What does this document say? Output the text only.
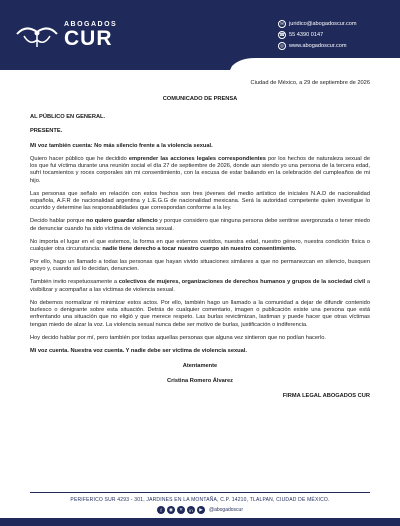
ABOGADOS
CUR
✉ juridico@abogadoscur.com
☎ 55 4390 0147
◎ www.abogadoscur.com
Ciudad de México, a 29 de septiembre de 2026
COMUNICADO DE PRENSA
AL PÚBLICO EN GENERAL.
PRESENTE.
Mi voz también cuenta: No más silencio frente a la violencia sexual.
Quiero hacer público que he decidido emprender las acciones legales correspondientes por los hechos de naturaleza sexual de los que fui víctima durante una reunión social el día 27 de septiembre de 2026, donde aun siendo yo una persona de la tercera edad, sufrí tocamientos y roces corporales sin mi consentimiento, con la excusa de estar bailando en la celebración del cumpleaños de mi hijo.
Las personas que señalo en relación con estos hechos son tres jóvenes del medio artístico de iniciales N.A.D de nacionalidad española, A.F.R de nacionalidad argentina y L.E.G.G de nacionalidad mexicana. Será la autoridad competente quien investigue lo ocurrido y determine las responsabilidades que correspondan conforme a la ley.
Decido hablar porque no quiero guardar silencio y porque considero que ninguna persona debe sentirse avergonzada o tener miedo de denunciar cuando ha sido víctima de violencia sexual.
No importa el lugar en el que estemos, la forma en que estemos vestidos, nuestra edad, nuestro género, nuestra condición física o cualquier otra circunstancia: nadie tiene derecho a tocar nuestro cuerpo sin nuestro consentimiento.
Por ello, hago un llamado a todas las personas que hayan vivido situaciones similares a que no permanezcan en silencio, busquen apoyo y, cuando así lo decidan, denuncien.
También invito respetuosamente a colectivos de mujeres, organizaciones de derechos humanos y grupos de la sociedad civil a visibilizar y acompañar a las víctimas de violencia sexual.
No debemos normalizar ni minimizar estos actos. Por ello, también hago un llamado a la comunidad a dejar de difundir contenido burlesco o denigrante sobre esta situación. Detrás de cualquier comentario, imagen o publicación existe una persona que está enfrentando una situación que no eligió y que merece respeto. Las burlas revictimizan, lastiman y puede hacer que otras víctimas tengan miedo de alzar la voz. La violencia sexual nunca debe ser motivo de burlas, justificación o indiferencia.
Hoy decido hablar por mí, pero también por todas aquellas personas que alguna vez sintieron que no podían hacerlo.
Mi voz cuenta. Nuestra voz cuenta. Y nadie debe ser víctima de violencia sexual.
Atentamente
Cristina Romero Álvarez
FIRMA LEGAL ABOGADOS CUR
PERIFERICO SUR 4293 - 301, JARDINES EN LA MONTAÑA, C.P. 14210, TLALPAN, CIUDAD DE MÉXICO.
f	◉	✕	in	▶	@abogadoscur
